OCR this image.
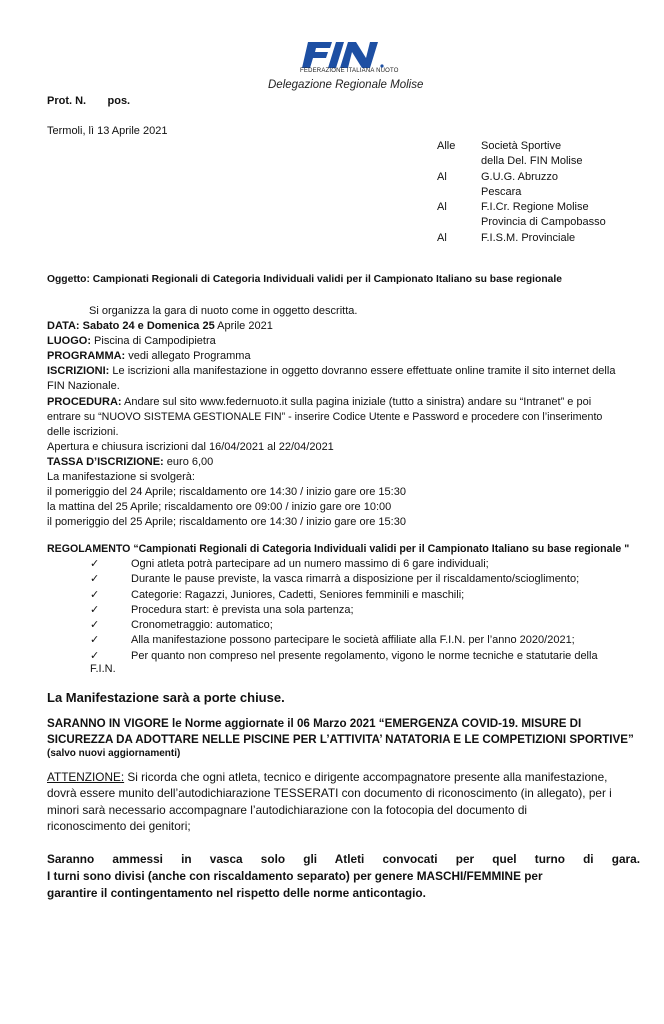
FEDERAZIONE ITALIANA NUOTO
Delegazione Regionale Molise
Prot. N.       pos.
Termoli, lì 13 Aprile 2021
Alle Società Sportive
della Del. FIN Molise
Al	G.U.G. Abruzzo
Pescara
Al	F.I.Cr. Regione Molise
Provincia di Campobasso
Al	F.I.S.M. Provinciale
Oggetto: Campionati Regionali di Categoria Individuali validi per il Campionato Italiano su base regionale
Si organizza la gara di nuoto come in oggetto descritta.
DATA: Sabato 24 e Domenica 25 Aprile 2021
LUOGO: Piscina di Campodipietra
PROGRAMMA: vedi allegato Programma
ISCRIZIONI: Le iscrizioni alla manifestazione in oggetto dovranno essere effettuate online tramite il sito internet della
FIN Nazionale.
PROCEDURA: Andare sul sito www.federnuoto.it sulla pagina iniziale (tutto a sinistra) andare su “Intranet” e poi
entrare su “NUOVO SISTEMA GESTIONALE FIN” - inserire Codice Utente e Password e procedere con l’inserimento
delle iscrizioni.
Apertura e chiusura iscrizioni dal 16/04/2021 al 22/04/2021
TASSA D’ISCRIZIONE: euro 6,00
La manifestazione si svolgerà:
il pomeriggio del 24 Aprile; riscaldamento ore 14:30 / inizio gare ore 15:30
la mattina del 25 Aprile; riscaldamento ore 09:00 / inizio gare ore 10:00
il pomeriggio del 25 Aprile; riscaldamento ore 14:30 / inizio gare ore 15:30
REGOLAMENTO “Campionati Regionali di Categoria Individuali validi per il Campionato Italiano su base regionale "
✓	Ogni atleta potrà partecipare ad un numero massimo di 6 gare individuali;
✓	Durante le pause previste, la vasca rimarrà a disposizione per il riscaldamento/scioglimento;
✓	Categorie: Ragazzi, Juniores, Cadetti, Seniores femminili e maschili;
✓	Procedura start: è prevista una sola partenza;
✓	Cronometraggio: automatico;
✓	Alla manifestazione possono partecipare le società affiliate alla F.I.N. per l’anno 2020/2021;
✓	Per quanto non compreso nel presente regolamento, vigono le norme tecniche e statutarie della
F.I.N.
La Manifestazione sarà a porte chiuse.
SARANNO IN VIGORE le Norme aggiornate il 06 Marzo 2021 “EMERGENZA COVID-19. MISURE DI
SICUREZZA DA ADOTTARE NELLE PISCINE PER L’ATTIVITA’ NATATORIA E LE COMPETIZIONI SPORTIVE”
(salvo nuovi aggiornamenti)
ATTENZIONE: Si ricorda che ogni atleta, tecnico e dirigente accompagnatore presente alla manifestazione,
dovrà essere munito dell’autodichiarazione TESSERATI con documento di riconoscimento (in allegato), per i
minori sarà necessario accompagnare l’autodichiarazione con la fotocopia del documento di
riconoscimento dei genitori;
Saranno ammessi in vasca solo gli Atleti convocati per quel turno di gara.
I turni sono divisi (anche con riscaldamento separato) per genere MASCHI/FEMMINE per
garantire il contingentamento nel rispetto delle norme anticontagio.
